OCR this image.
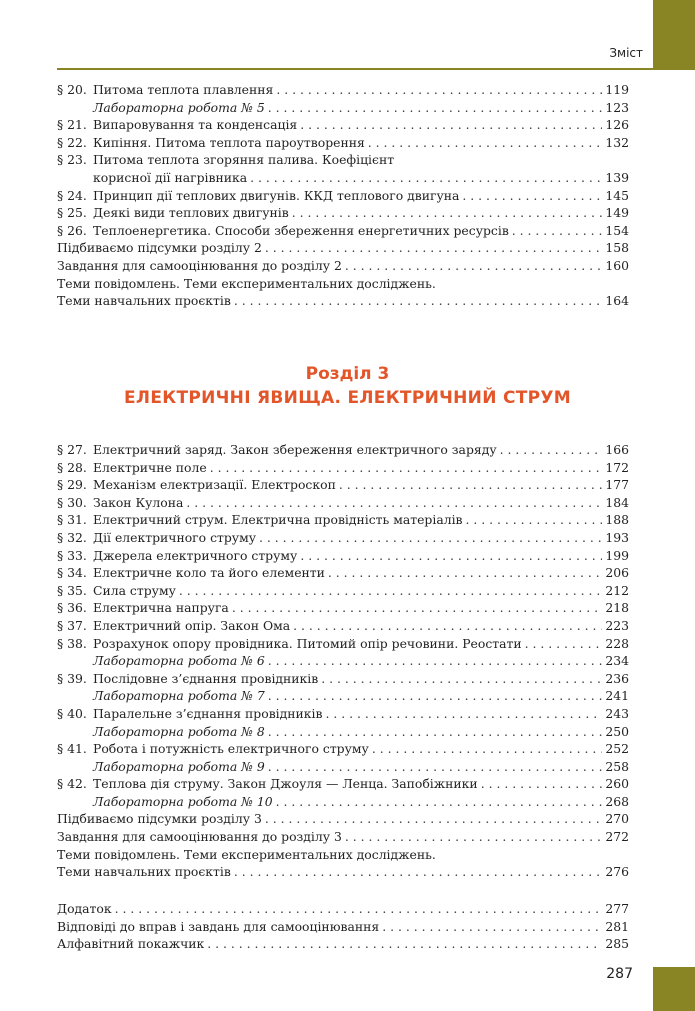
Зміст
§ 20. Питома теплота плавлення . . .	119
Лабораторна робота № 5 . . .	123
§ 21. Випаровування та конденсація . . .	126
§ 22. Кипіння. Питома теплота пароутворення . . .	132
§ 23. Питома теплота згоряння палива. Коефіцієнт
корисної дії нагрівника . . .	139
§ 24. Принцип дії теплових двигунів. ККД теплового двигуна . . .	145
§ 25. Деякі види теплових двигунів . . .	149
§ 26. Теплоенергетика. Способи збереження енергетичних ресурсів . . .	154
Підбиваємо підсумки розділу 2 . . .	158
Завдання для самооцінювання до розділу 2 . . .	160
Теми повідомлень. Теми експериментальних досліджень.
Теми навчальних проєктів . . .	164
Розділ 3
ЕЛЕКТРИЧНІ ЯВИЩА. ЕЛЕКТРИЧНИЙ СТРУМ
§ 27. Електричний заряд. Закон збереження електричного заряду . . .	166
§ 28. Електричне поле . . .	172
§ 29. Механізм електризації. Електроскоп . . .	177
§ 30. Закон Кулона . . .	184
§ 31. Електричний струм. Електрична провідність матеріалів . . .	188
§ 32. Дії електричного струму . . .	193
§ 33. Джерела електричного струму . . .	199
§ 34. Електричне коло та його елементи . . .	206
§ 35. Сила струму . . .	212
§ 36. Електрична напруга . . .	218
§ 37. Електричний опір. Закон Ома . . .	223
§ 38. Розрахунок опору провідника. Питомий опір речовини. Реостати . . .	228
Лабораторна робота № 6 . . .	234
§ 39. Послідовне з’єднання провідників . . .	236
Лабораторна робота № 7 . . .	241
§ 40. Паралельне з’єднання провідників . . .	243
Лабораторна робота № 8 . . .	250
§ 41. Робота і потужність електричного струму . . .	252
Лабораторна робота № 9 . . .	258
§ 42. Теплова дія струму. Закон Джоуля — Ленца. Запобіжники . . .	260
Лабораторна робота № 10 . . .	268
Підбиваємо підсумки розділу 3 . . .	270
Завдання для самооцінювання до розділу 3 . . .	272
Теми повідомлень. Теми експериментальних досліджень.
Теми навчальних проєктів . . .	276
Додаток . . .	277
Відповіді до вправ і завдань для самооцінювання . . .	281
Алфавітний покажчик . . .	285
287
